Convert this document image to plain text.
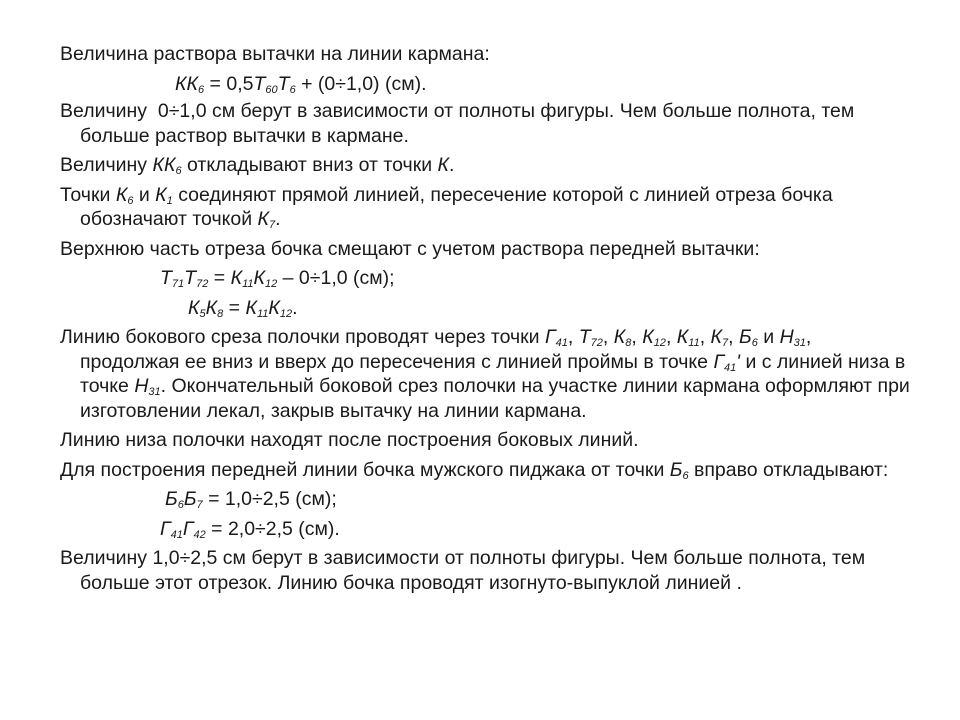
Величина раствора вытачки на линии кармана:

$КК_6 = 0,5Т_{60}Т_6 + (0\div 1,0)$ (см).

Величину  0÷1,0 см берут в зависимости от полноты фигуры. Чем больше полнота, тем больше раствор вытачки в кармане.

Величину $КК_6$ откладывают вниз от точки К.

Точки $К_6$ и $К_1$ соединяют прямой линией, пересечение которой с линией отреза бочка обозначают точкой $К_7$.

Верхнюю часть отреза бочка смещают с учетом раствора передней вытачки:

$Т_{71}Т_{72} = К_{11}К_{12} - 0\div 1,0$ (см);

$К_5К_8 = К_{11}К_{12}$.

Линию бокового среза полочки проводят через точки $Г_{41}$, $Т_{72}$, $К_8$, $К_{12}$, $К_{11}$, $К_7$, $Б_6$ и $Н_{31}$, продолжая ее вниз и вверх до пересечения с линией проймы в точке $Г_{41}'$ и с линией низа в точке $Н_{31}$. Окончательный боковой срез полочки на участке линии кармана оформляют при изготовлении лекал, закрыв вытачку на линии кармана.

Линию низа полочки находят после построения боковых линий.

Для построения передней линии бочка мужского пиджака от точки $Б_6$ вправо откладывают:

$Б_6Б_7 = 1,0\div 2,5$ (см);

$Г_{41}Г_{42} = 2,0\div 2,5$ (см).

Величину 1,0÷2,5 см берут в зависимости от полноты фигуры. Чем больше полнота, тем больше этот отрезок. Линию бочка проводят изогнуто-выпуклой линией .
